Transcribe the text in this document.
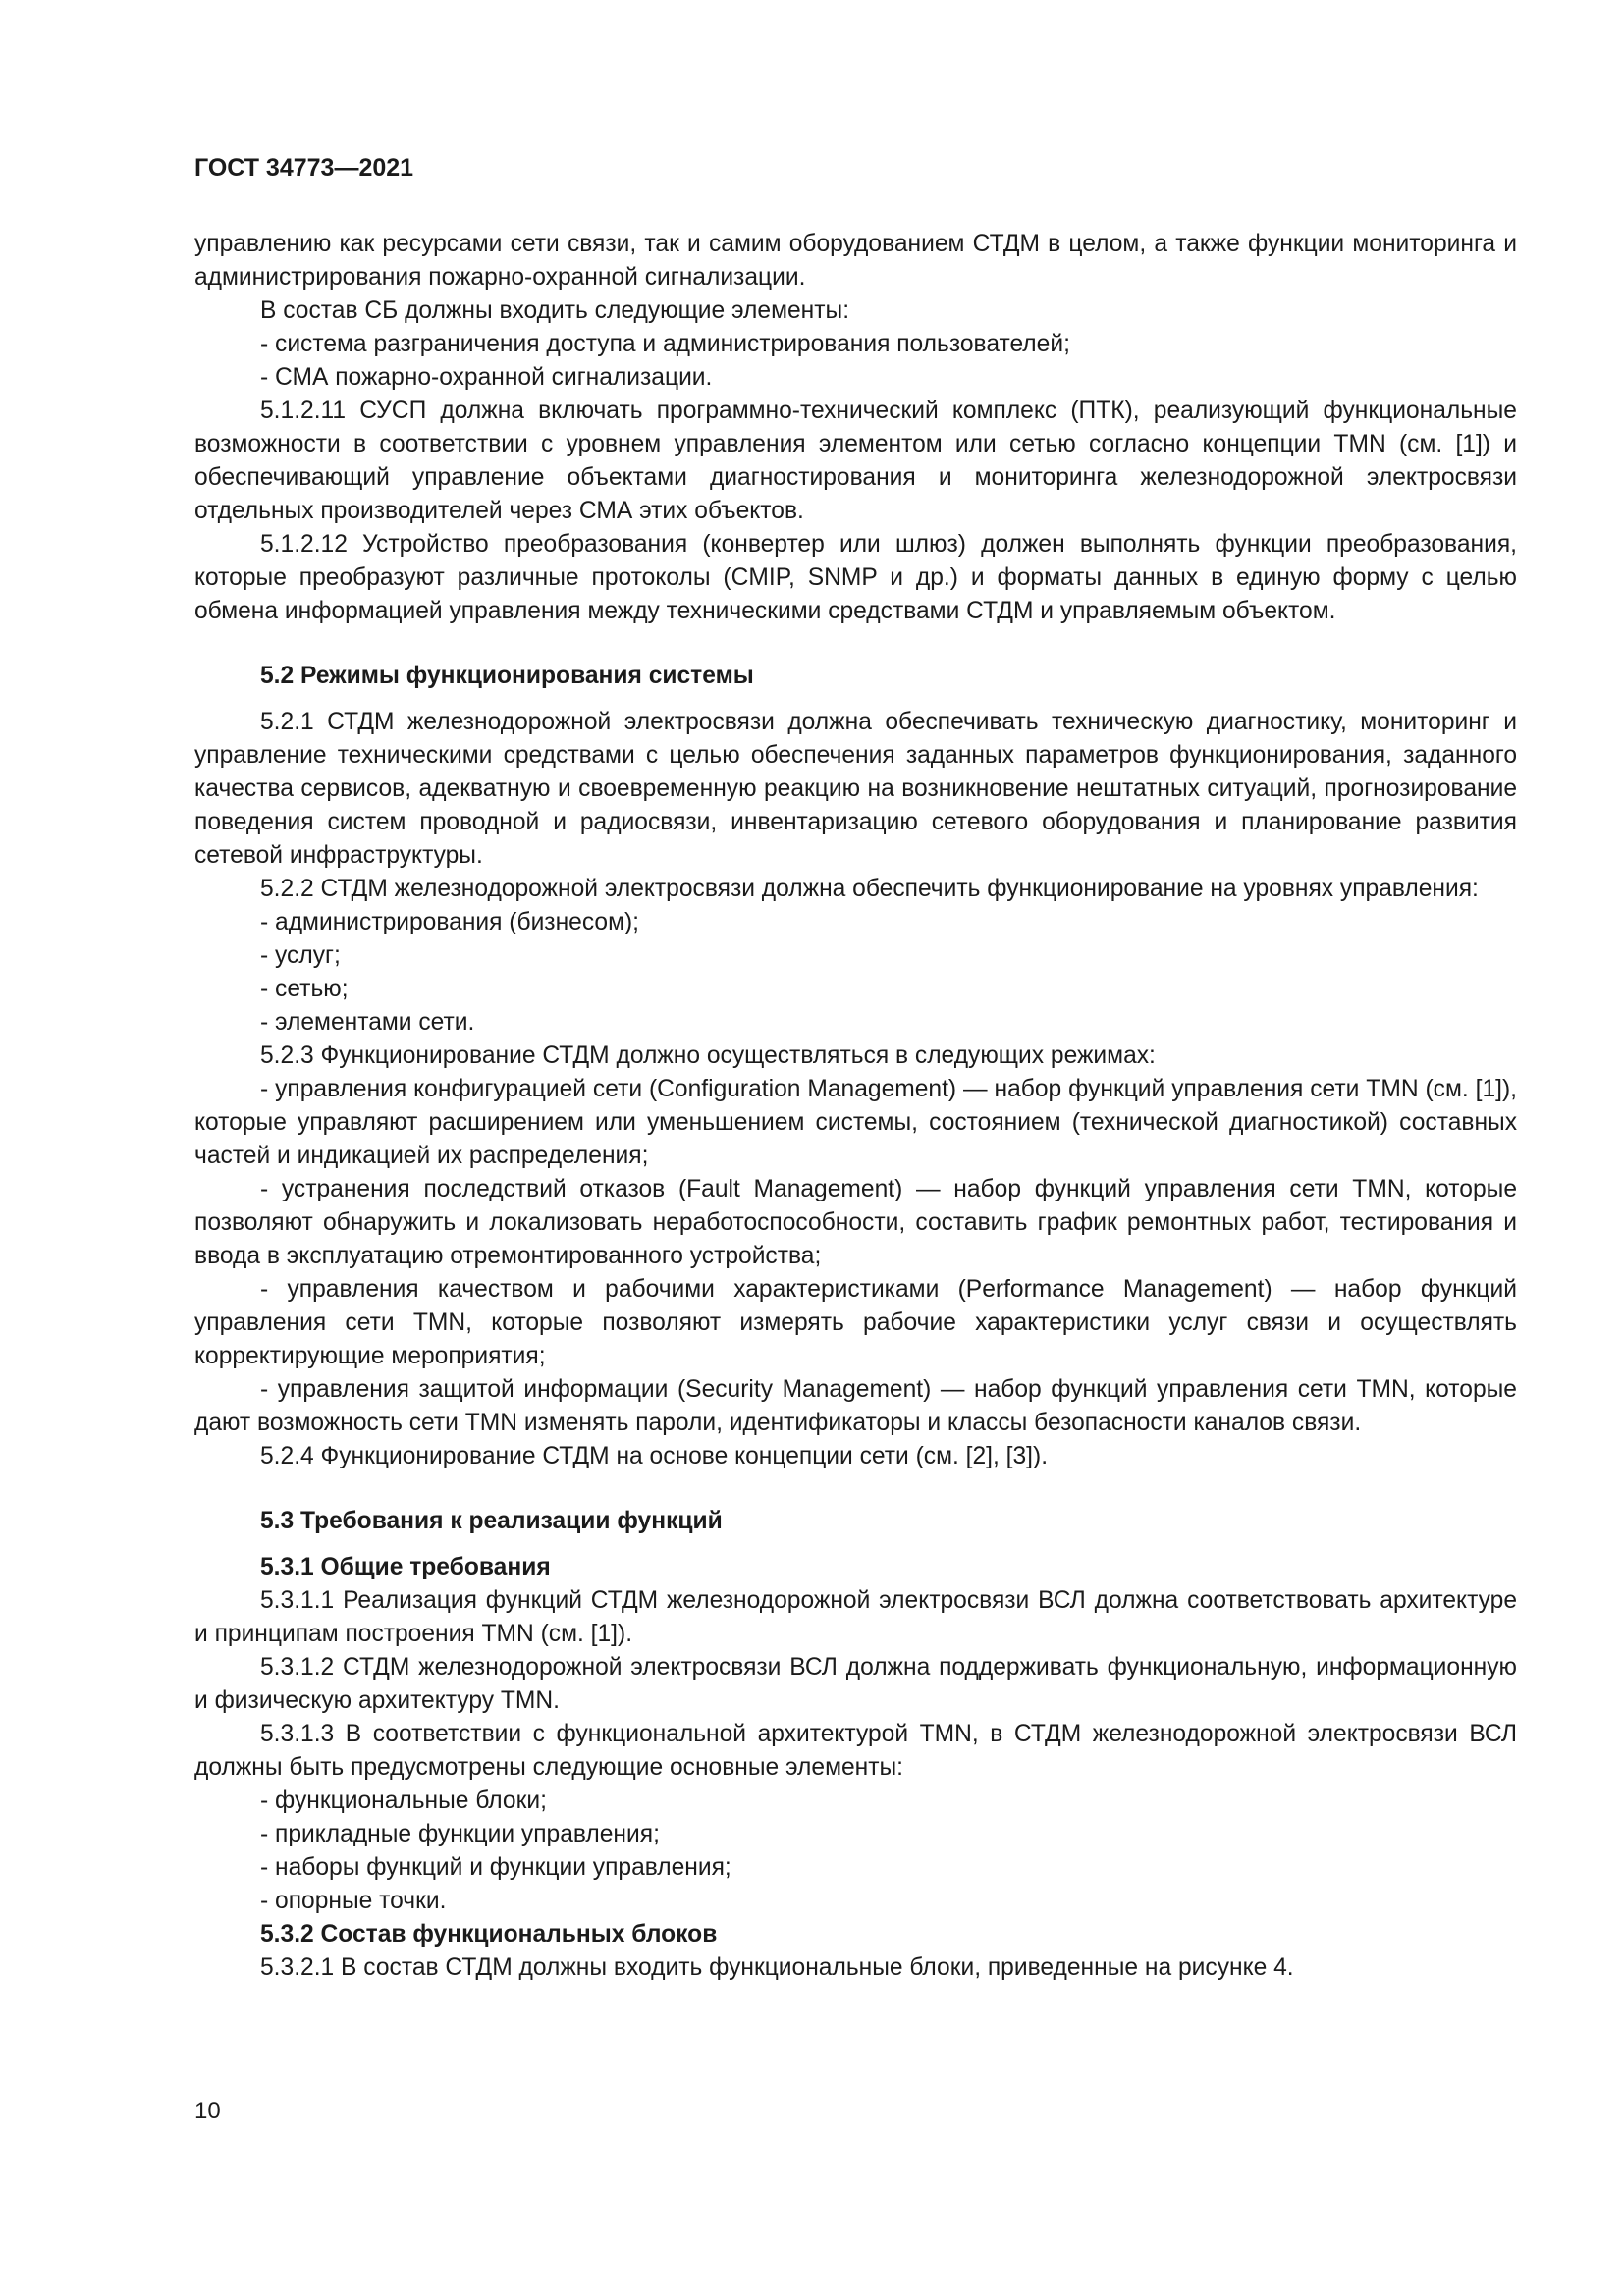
ГОСТ 34773—2021

управлению как ресурсами сети связи, так и самим оборудованием СТДМ в целом, а также функции мониторинга и администрирования пожарно-охранной сигнализации.

В состав СБ должны входить следующие элементы:

- система разграничения доступа и администрирования пользователей;

- СМА пожарно-охранной сигнализации.

5.1.2.11 СУСП должна включать программно-технический комплекс (ПТК), реализующий функциональные возможности в соответствии с уровнем управления элементом или сетью согласно концепции TMN (см. [1]) и обеспечивающий управление объектами диагностирования и мониторинга железнодорожной электросвязи отдельных производителей через СМА этих объектов.

5.1.2.12 Устройство преобразования (конвертер или шлюз) должен выполнять функции преобразования, которые преобразуют различные протоколы (CMIP, SNMP и др.) и форматы данных в единую форму с целью обмена информацией управления между техническими средствами СТДМ и управляемым объектом.

5.2 Режимы функционирования системы

5.2.1 СТДМ железнодорожной электросвязи должна обеспечивать техническую диагностику, мониторинг и управление техническими средствами с целью обеспечения заданных параметров функционирования, заданного качества сервисов, адекватную и своевременную реакцию на возникновение нештатных ситуаций, прогнозирование поведения систем проводной и радиосвязи, инвентаризацию сетевого оборудования и планирование развития сетевой инфраструктуры.

5.2.2 СТДМ железнодорожной электросвязи должна обеспечить функционирование на уровнях управления:

- администрирования (бизнесом);

- услуг;

- сетью;

- элементами сети.

5.2.3 Функционирование СТДМ должно осуществляться в следующих режимах:

- управления конфигурацией сети (Configuration Management) — набор функций управления сети TMN (см. [1]), которые управляют расширением или уменьшением системы, состоянием (технической диагностикой) составных частей и индикацией их распределения;

- устранения последствий отказов (Fault Management) — набор функций управления сети TMN, которые позволяют обнаружить и локализовать неработоспособности, составить график ремонтных работ, тестирования и ввода в эксплуатацию отремонтированного устройства;

- управления качеством и рабочими характеристиками (Performance Management) — набор функций управления сети TMN, которые позволяют измерять рабочие характеристики услуг связи и осуществлять корректирующие мероприятия;

- управления защитой информации (Security Management) — набор функций управления сети TMN, которые дают возможность сети TMN изменять пароли, идентификаторы и классы безопасности каналов связи.

5.2.4 Функционирование СТДМ на основе концепции сети (см. [2], [3]).

5.3 Требования к реализации функций

5.3.1 Общие требования

5.3.1.1 Реализация функций СТДМ железнодорожной электросвязи ВСЛ должна соответствовать архитектуре и принципам построения TMN (см. [1]).

5.3.1.2 СТДМ железнодорожной электросвязи ВСЛ должна поддерживать функциональную, информационную и физическую архитектуру TMN.

5.3.1.3 В соответствии с функциональной архитектурой TMN, в СТДМ железнодорожной электросвязи ВСЛ должны быть предусмотрены следующие основные элементы:

- функциональные блоки;

- прикладные функции управления;

- наборы функций и функции управления;

- опорные точки.

5.3.2 Состав функциональных блоков

5.3.2.1 В состав СТДМ должны входить функциональные блоки, приведенные на рисунке 4.

10
